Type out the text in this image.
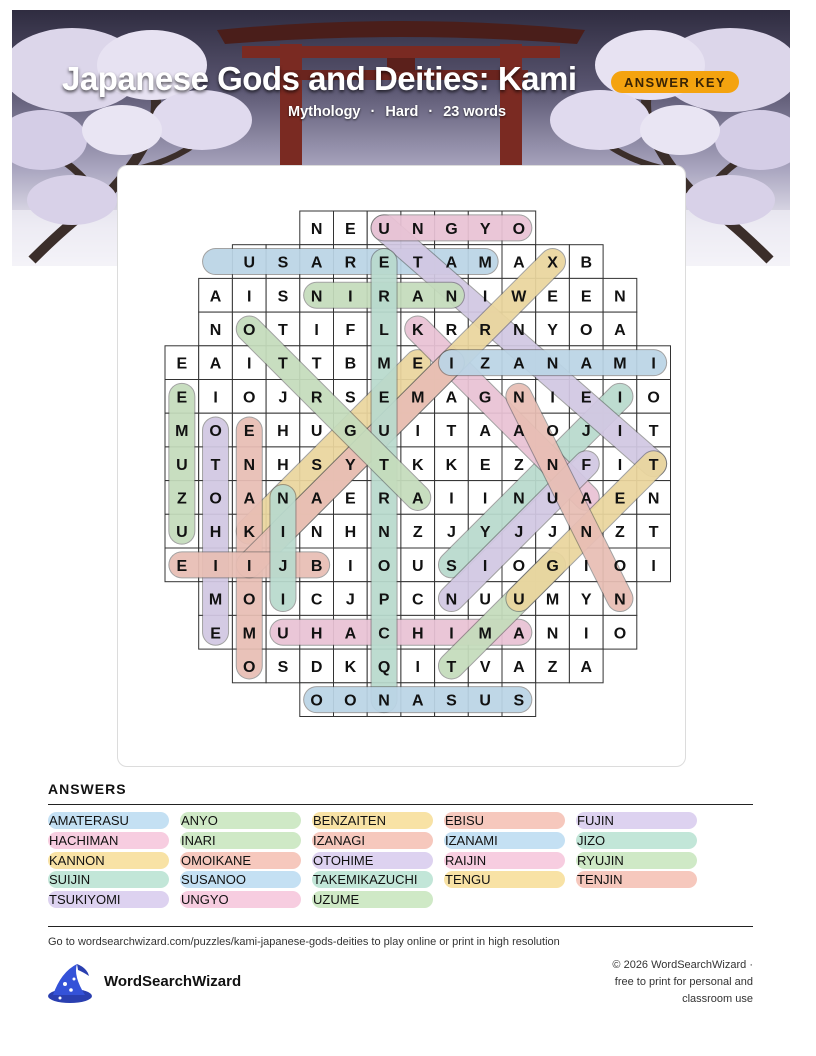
Japanese Gods and Deities: Kami	ANSWER KEY
Mythology · Hard · 23 words
N E U N G Y O
U S A R E T A M A X B
A I S N I R A N I W E E N
N O T I F L K R R N Y O A
E A I T T B M E I Z A N A M I
E I O J R S E M A G N I E I O
M O E H U G U I T A A O J I T
U T N H S Y T K K E Z N F I T
Z O A N A E R A I I N U A E N
U H K I N H N Z J Y J J N Z T
E I I J B I O U S I O G I O I
M O I C J P C N U U M Y N
E M U H A C H I M A N I O
O S D K Q I T V A Z A
O O N A S U S
ANSWERS
AMATERASU
HACHIMAN
KANNON
SUIJIN
TSUKIYOMI
ANYO
INARI
OMOIKANE
SUSANOO
UNGYO
BENZAITEN
IZANAGI
OTOHIME
TAKEMIKAZUCHI
UZUME
EBISU
IZANAMI
RAIJIN
TENGU
FUJIN
JIZO
RYUJIN
TENJIN
Go to wordsearchwizard.com/puzzles/kami-japanese-gods-deities to play online or print in high resolution
WordSearchWizard
© 2026 WordSearchWizard ·
free to print for personal and
classroom use
